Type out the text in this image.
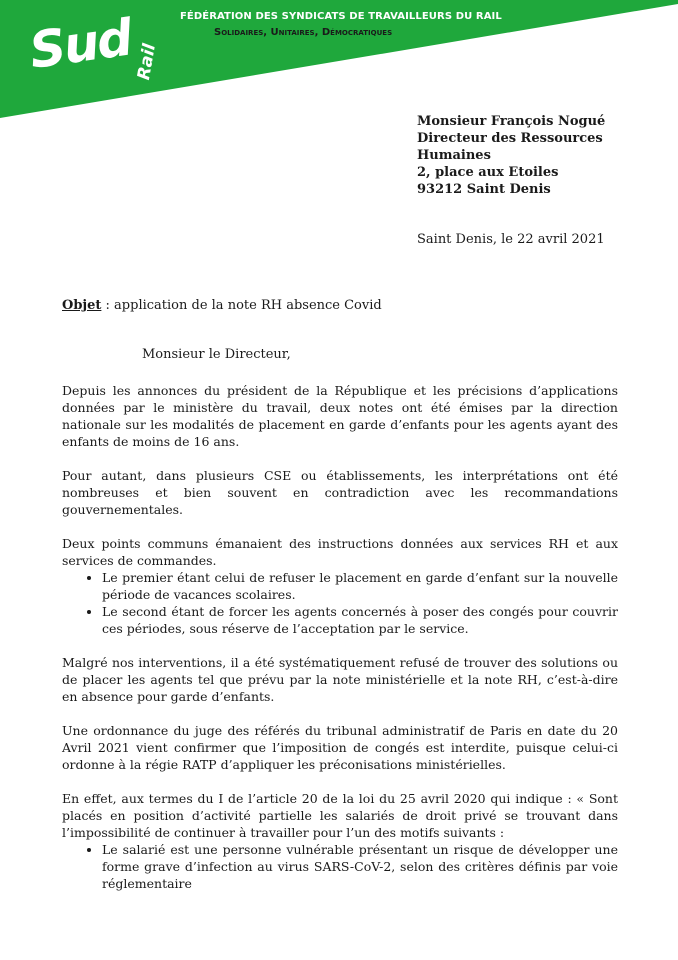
Sud Rail
FÉDÉRATION DES SYNDICATS DE TRAVAILLEURS DU RAIL
Solidaires, Unitaires, Démocratiques
Monsieur François Nogué
Directeur des Ressources
Humaines
2, place aux Etoiles
93212 Saint Denis
Saint Denis, le 22 avril 2021
Objet : application de la note RH absence Covid
Monsieur le Directeur,

Depuis les annonces du président de la République et les précisions d’applications données par le ministère du travail, deux notes ont été émises par la direction nationale sur les modalités de placement en garde d’enfants pour les agents ayant des enfants de moins de 16 ans.

Pour autant, dans plusieurs CSE ou établissements, les interprétations ont été nombreuses et bien souvent en contradiction avec les recommandations gouvernementales.

Deux points communs émanaient des instructions données aux services RH et aux services de commandes.

• Le premier étant celui de refuser le placement en garde d’enfant sur la nouvelle période de vacances scolaires.
• Le second étant de forcer les agents concernés à poser des congés pour couvrir ces périodes, sous réserve de l’acceptation par le service.

Malgré nos interventions, il a été systématiquement refusé de trouver des solutions ou de placer les agents tel que prévu par la note ministérielle et la note RH, c’est-à-dire en absence pour garde d’enfants.

Une ordonnance du juge des référés du tribunal administratif de Paris en date du 20 Avril 2021 vient confirmer que l’imposition de congés est interdite, puisque celui-ci ordonne à la régie RATP d’appliquer les préconisations ministérielles.

En effet, aux termes du I de l’article 20 de la loi du 25 avril 2020 qui indique : « Sont placés en position d’activité partielle les salariés de droit privé se trouvant dans l’impossibilité de continuer à travailler pour l’un des motifs suivants :

• Le salarié est une personne vulnérable présentant un risque de développer une forme grave d’infection au virus SARS-CoV-2, selon des critères définis par voie réglementaire
